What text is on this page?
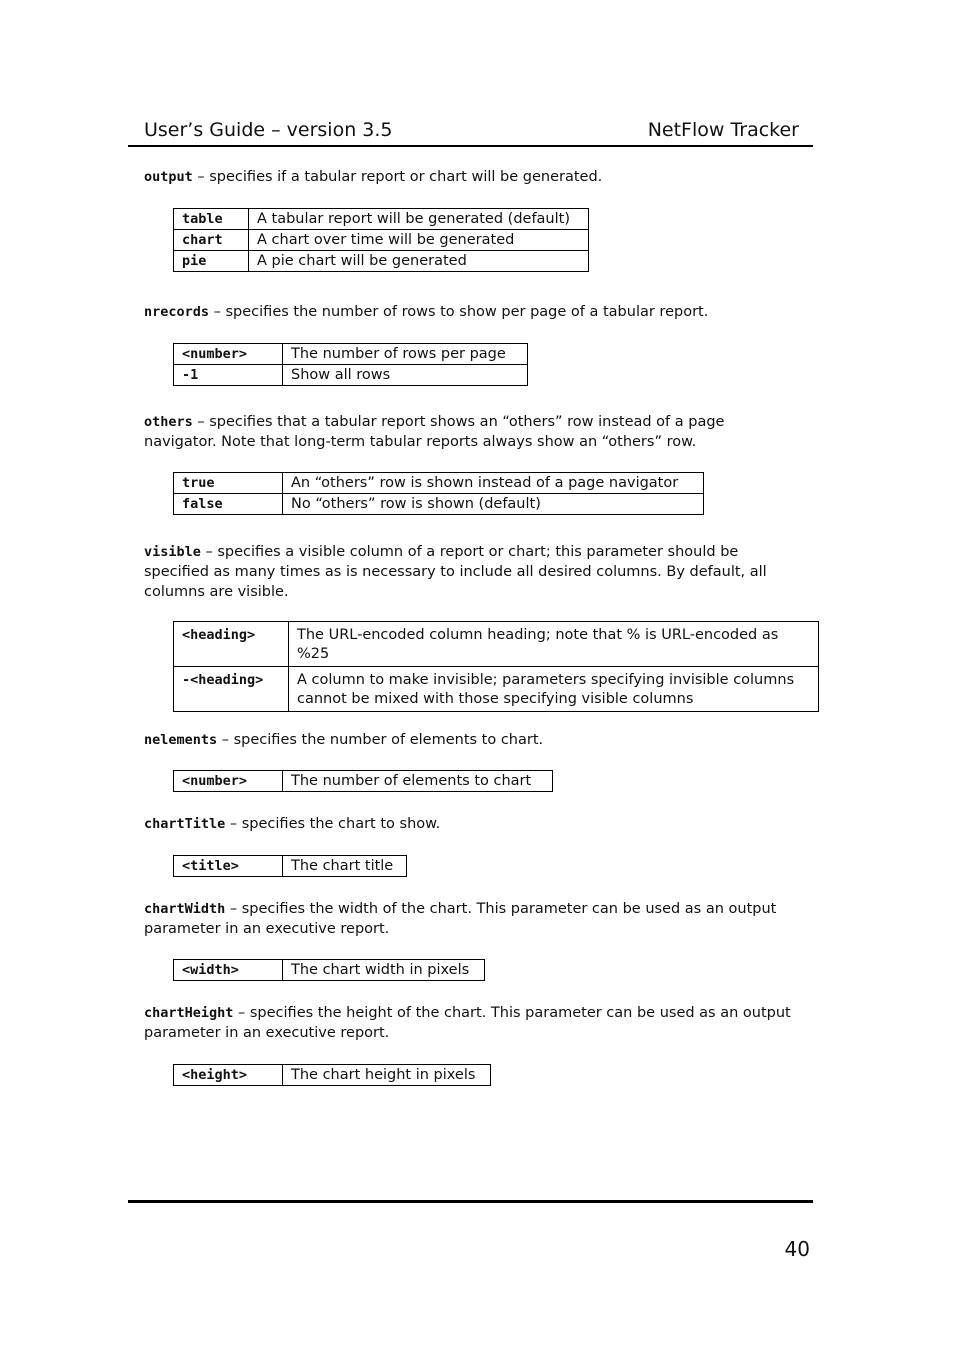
User’s Guide – version 3.5	NetFlow Tracker
output – specifies if a tabular report or chart will be generated.
table	A tabular report will be generated (default)
chart	A chart over time will be generated
pie	A pie chart will be generated
nrecords – specifies the number of rows to show per page of a tabular report.
<number>	The number of rows per page
-1	Show all rows
others – specifies that a tabular report shows an “others” row instead of a page navigator. Note that long-term tabular reports always show an “others” row.
true	An “others” row is shown instead of a page navigator
false	No “others” row is shown (default)
visible – specifies a visible column of a report or chart; this parameter should be specified as many times as is necessary to include all desired columns. By default, all columns are visible.
<heading>	The URL-encoded column heading; note that % is URL-encoded as %25
-<heading>	A column to make invisible; parameters specifying invisible columns cannot be mixed with those specifying visible columns
nelements – specifies the number of elements to chart.
<number>	The number of elements to chart
chartTitle – specifies the chart to show.
<title>	The chart title
chartWidth – specifies the width of the chart. This parameter can be used as an output parameter in an executive report.
<width>	The chart width in pixels
chartHeight – specifies the height of the chart. This parameter can be used as an output parameter in an executive report.
<height>	The chart height in pixels
40
